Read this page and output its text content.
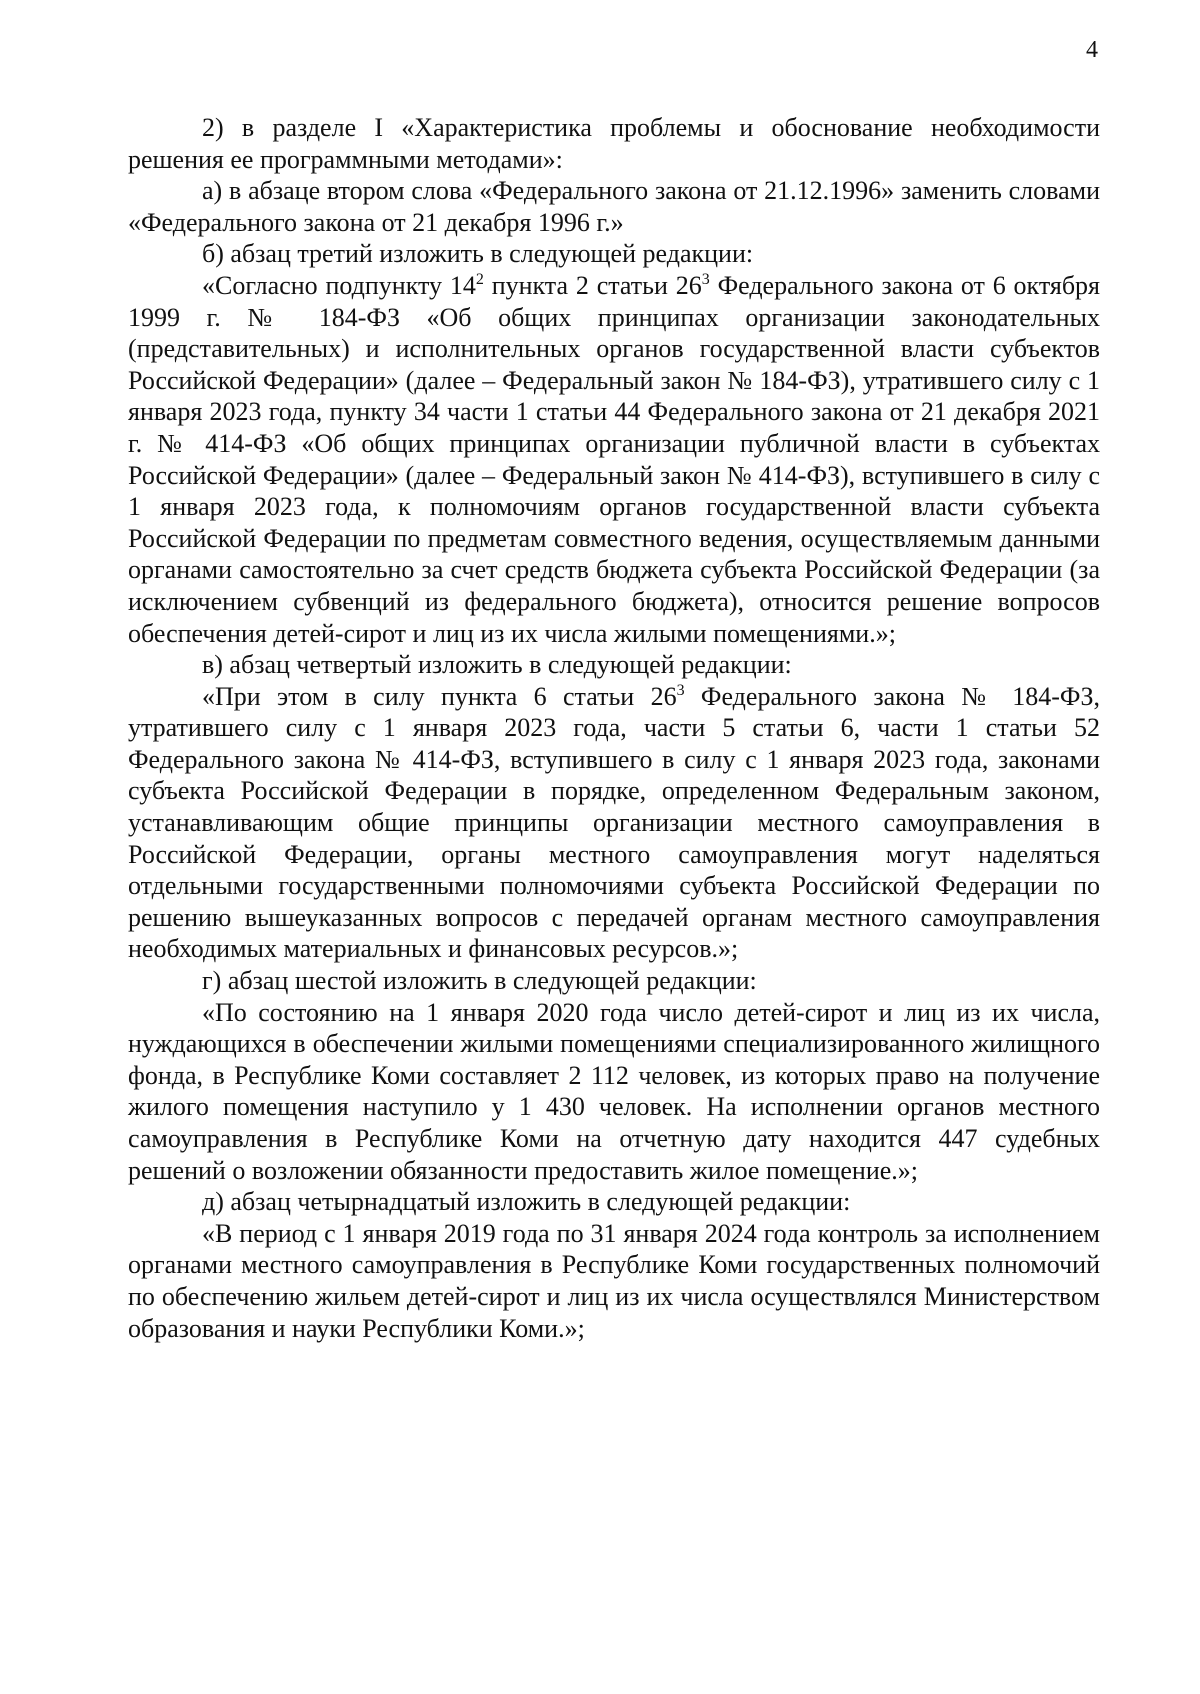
4

2) в разделе I «Характеристика проблемы и обоснование необходимости решения ее программными методами»:

а) в абзаце втором слова «Федерального закона от 21.12.1996» заменить словами «Федерального закона от 21 декабря 1996 г.»

б) абзац третий изложить в следующей редакции:

«Согласно подпункту $14^2$ пункта 2 статьи $26^3$ Федерального закона от 6 октября 1999 г. № 184-ФЗ «Об общих принципах организации законодательных (представительных) и исполнительных органов государственной власти субъектов Российской Федерации» (далее – Федеральный закон № 184-ФЗ), утратившего силу с 1 января 2023 года, пункту 34 части 1 статьи 44 Федерального закона от 21 декабря 2021 г. № 414-ФЗ «Об общих принципах организации публичной власти в субъектах Российской Федерации» (далее – Федеральный закон № 414-ФЗ), вступившего в силу с 1 января 2023 года, к полномочиям органов государственной власти субъекта Российской Федерации по предметам совместного ведения, осуществляемым данными органами самостоятельно за счет средств бюджета субъекта Российской Федерации (за исключением субвенций из федерального бюджета), относится решение вопросов обеспечения детей-сирот и лиц из их числа жилыми помещениями.»;

в) абзац четвертый изложить в следующей редакции:

«При этом в силу пункта 6 статьи $26^3$ Федерального закона № 184-ФЗ, утратившего силу с 1 января 2023 года, части 5 статьи 6, части 1 статьи 52 Федерального закона № 414-ФЗ, вступившего в силу с 1 января 2023 года, законами субъекта Российской Федерации в порядке, определенном Федеральным законом, устанавливающим общие принципы организации местного самоуправления в Российской Федерации, органы местного самоуправления могут наделяться отдельными государственными полномочиями субъекта Российской Федерации по решению вышеуказанных вопросов с передачей органам местного самоуправления необходимых материальных и финансовых ресурсов.»;

г) абзац шестой изложить в следующей редакции:

«По состоянию на 1 января 2020 года число детей-сирот и лиц из их числа, нуждающихся в обеспечении жилыми помещениями специализированного жилищного фонда, в Республике Коми составляет 2 112 человек, из которых право на получение жилого помещения наступило у 1 430 человек. На исполнении органов местного самоуправления в Республике Коми на отчетную дату находится 447 судебных решений о возложении обязанности предоставить жилое помещение.»;

д) абзац четырнадцатый изложить в следующей редакции:

«В период с 1 января 2019 года по 31 января 2024 года контроль за исполнением органами местного самоуправления в Республике Коми государственных полномочий по обеспечению жильем детей-сирот и лиц из их числа осуществлялся Министерством образования и науки Республики Коми.»;
